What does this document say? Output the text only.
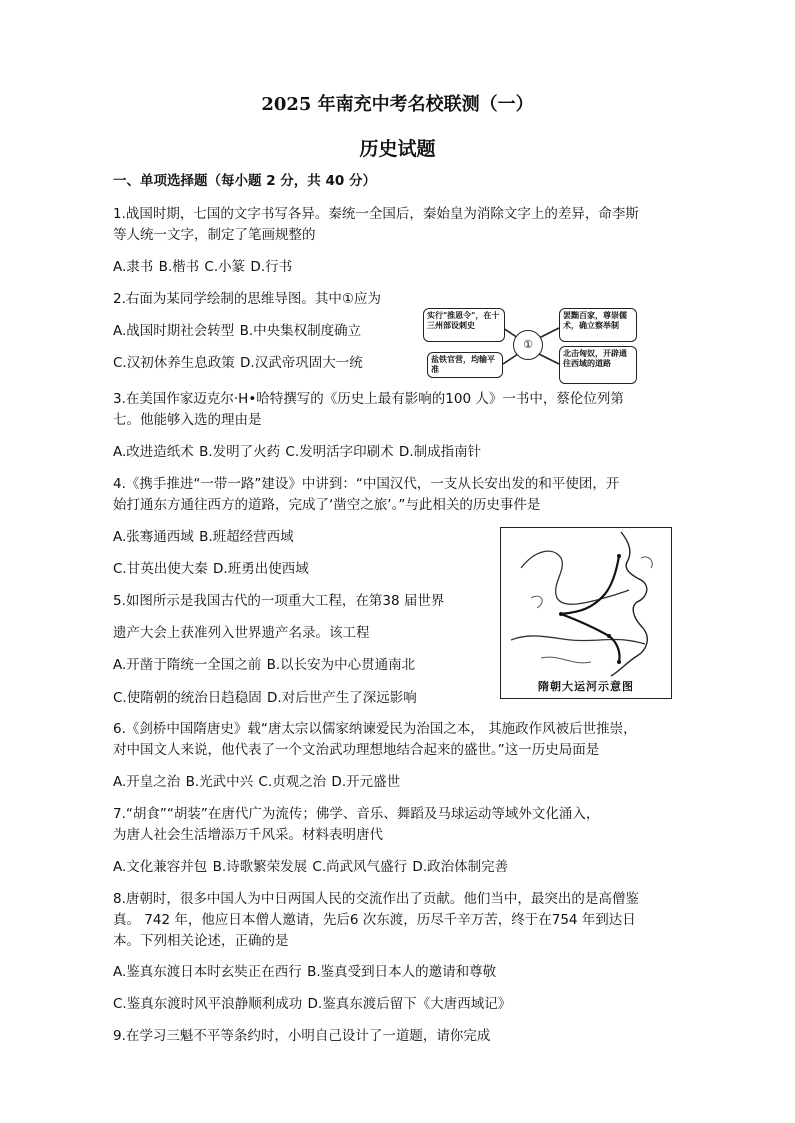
2025 年南充中考名校联测（一）
历史试题
一、单项选择题（每小题 2 分，共 40 分）
1.战国时期，七国的文字书写各异。秦统一全国后，秦始皇为消除文字上的差异，命李斯
等人统一文字，制定了笔画规整的
A.隶书 B.楷书 C.小篆 D.行书
2.右面为某同学绘制的思维导图。其中①应为
A.战国时期社会转型 B.中央集权制度确立
C.汉初休养生息政策 D.汉武帝巩固大一统
实行"推恩令"，在十三州部设刺史
罢黜百家，尊崇儒术，确立察举制
①
盐铁官营，均输平准
北击匈奴，开辟通往西域的道路
3.在美国作家迈克尔·H•哈特撰写的《历史上最有影响的100 人》一书中，蔡伦位列第
七。他能够入选的理由是
A.改进造纸术 B.发明了火药 C.发明活字印刷术 D.制成指南针
4.《携手推进“一带一路”建设》中讲到：“中国汉代，一支从长安出发的和平使团，开
始打通东方通往西方的道路，完成了‘凿空之旅’。”与此相关的历史事件是
A.张骞通西域 B.班超经营西域
C.甘英出使大秦 D.班勇出使西域
隋朝大运河示意图
5.如图所示是我国古代的一项重大工程，在第38 届世界
遗产大会上获准列入世界遗产名录。该工程
A.开凿于隋统一全国之前 B.以长安为中心贯通南北
C.使隋朝的统治日趋稳固 D.对后世产生了深远影响
6.《剑桥中国隋唐史》载“唐太宗以儒家纳谏爱民为治国之本， 其施政作风被后世推崇，
对中国文人来说，他代表了一个文治武功理想地结合起来的盛世。”这一历史局面是
A.开皇之治 B.光武中兴 C.贞观之治 D.开元盛世
7.“胡食”“胡装”在唐代广为流传；佛学、音乐、舞蹈及马球运动等域外文化涌入，
为唐人社会生活增添万千风采。材料表明唐代
A.文化兼容并包 B.诗歌繁荣发展 C.尚武风气盛行 D.政治体制完善
8.唐朝时，很多中国人为中日两国人民的交流作出了贡献。他们当中，最突出的是高僧鉴
真。 742 年，他应日本僧人邀请，先后6 次东渡，历尽千辛万苦，终于在754 年到达日
本。下列相关论述，正确的是
A.鉴真东渡日本时玄奘正在西行 B.鉴真受到日本人的邀请和尊敬
C.鉴真东渡时风平浪静顺利成功 D.鉴真东渡后留下《大唐西域记》
9.在学习三魁不平等条约时，小明自己设计了一道题，请你完成
